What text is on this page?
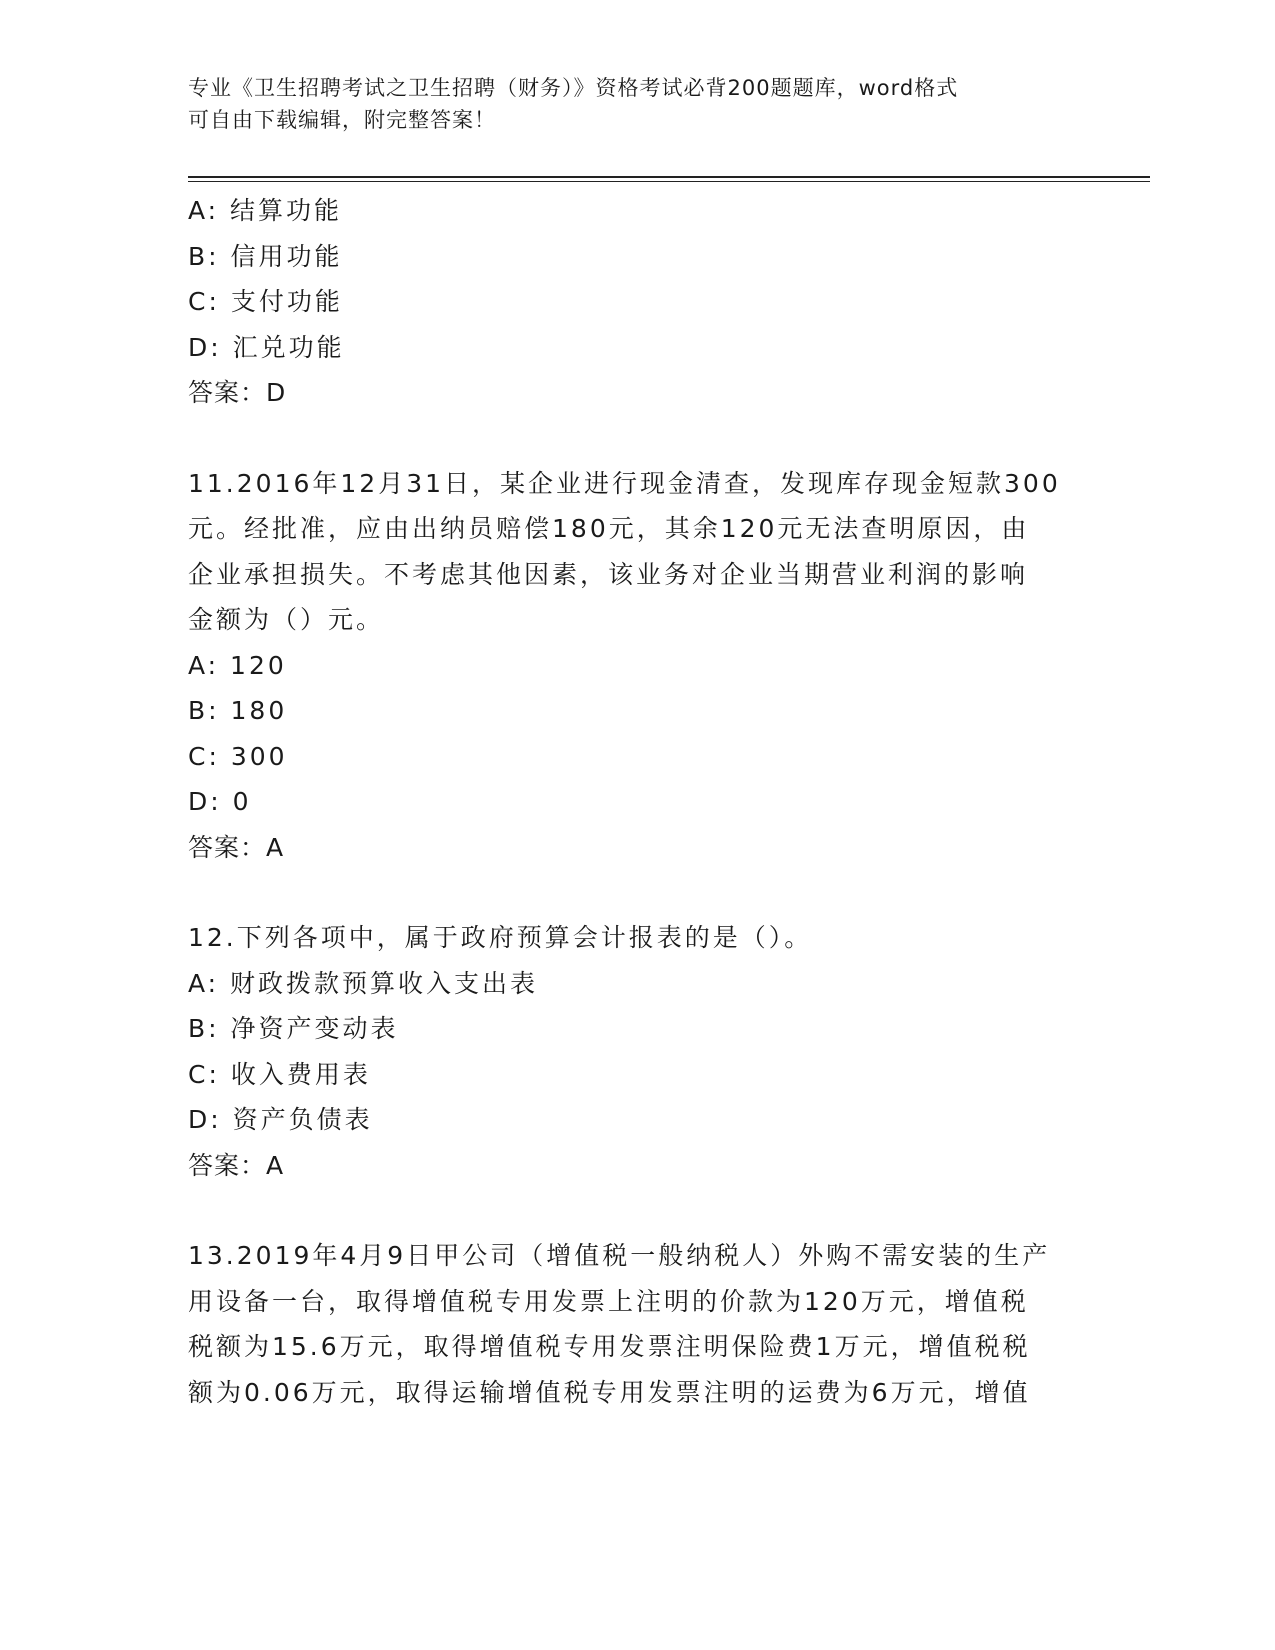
专业《卫生招聘考试之卫生招聘（财务）》资格考试必背200题题库，word格式
可自由下载编辑，附完整答案！
A: 结算功能
B: 信用功能
C: 支付功能
D: 汇兑功能
答案：D
11.2016年12月31日，某企业进行现金清查，发现库存现金短款300
元。经批准，应由出纳员赔偿180元，其余120元无法查明原因，由
企业承担损失。不考虑其他因素，该业务对企业当期营业利润的影响
金额为（）元。
A: 120
B: 180
C: 300
D: 0
答案：A
12.下列各项中，属于政府预算会计报表的是（）。
A: 财政拨款预算收入支出表
B: 净资产变动表
C: 收入费用表
D: 资产负债表
答案：A
13.2019年4月9日甲公司（增值税一般纳税人）外购不需安装的生产
用设备一台，取得增值税专用发票上注明的价款为120万元，增值税
税额为15.6万元，取得增值税专用发票注明保险费1万元，增值税税
额为0.06万元，取得运输增值税专用发票注明的运费为6万元，增值
